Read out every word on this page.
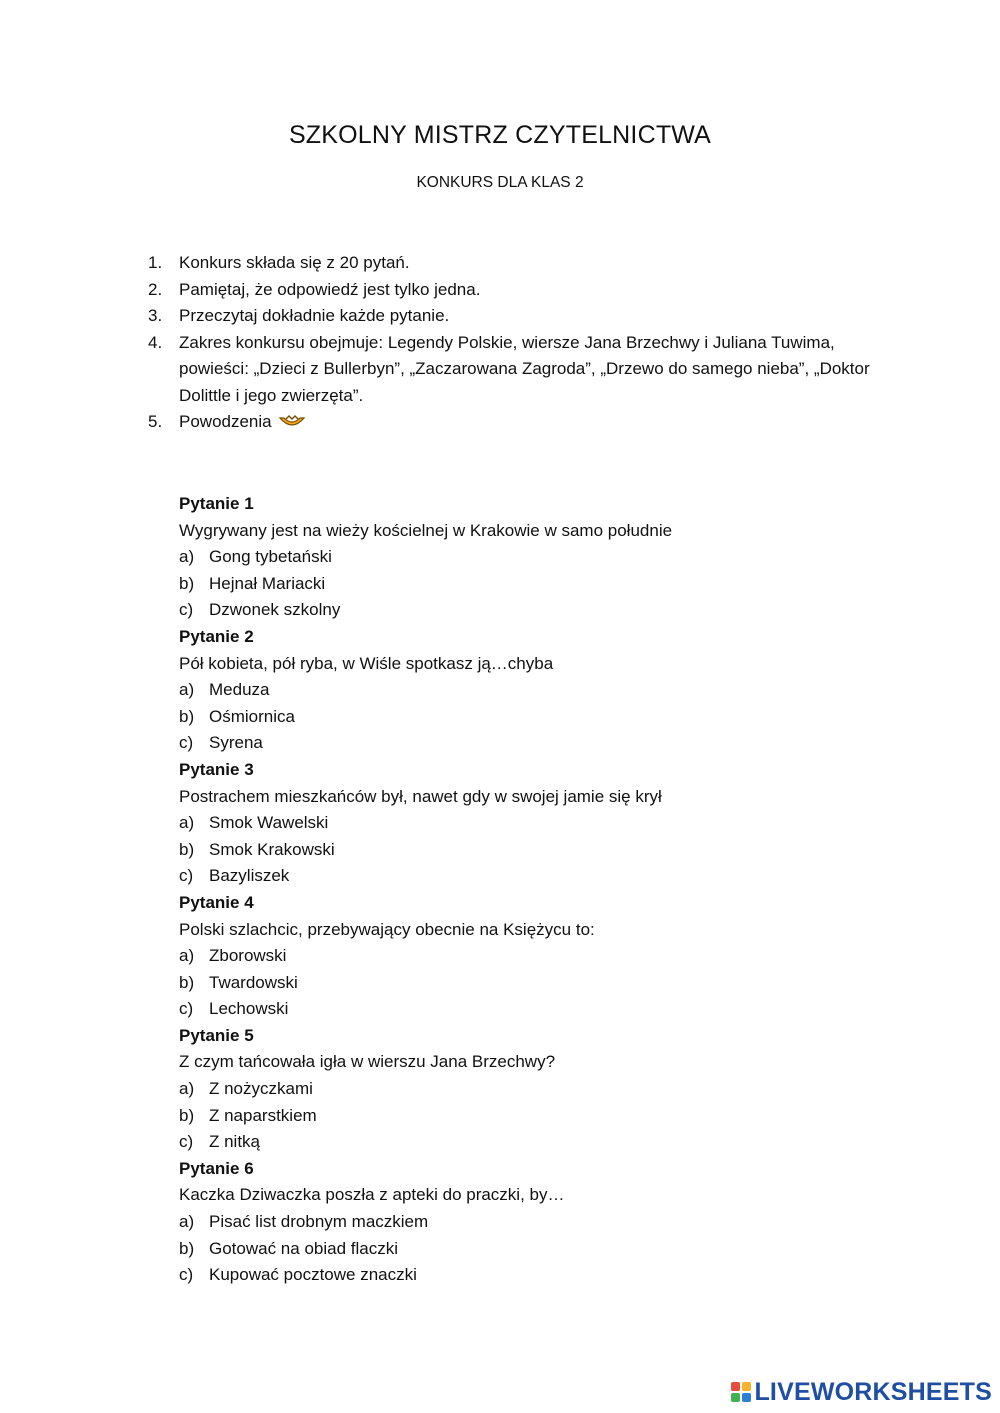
SZKOLNY MISTRZ CZYTELNICTWA
KONKURS DLA KLAS 2
1. Konkurs składa się z 20 pytań.
2. Pamiętaj, że odpowiedź jest tylko jedna.
3. Przeczytaj dokładnie każde pytanie.
4. Zakres konkursu obejmuje: Legendy Polskie, wiersze Jana Brzechwy i Juliana Tuwima, powieści: „Dzieci z Bullerbyn”, „Zaczarowana Zagroda”, „Drzewo do samego nieba”, „Doktor Dolittle i jego zwierzęta”.
5. Powodzenia
Pytanie 1
Wygrywany jest na wieży kościelnej w Krakowie w samo południe
a) Gong tybetański
b) Hejnał Mariacki
c) Dzwonek szkolny
Pytanie 2
Pół kobieta, pół ryba, w Wiśle spotkasz ją…chyba
a) Meduza
b) Ośmiornica
c) Syrena
Pytanie 3
Postrachem mieszkańców był, nawet gdy w swojej jamie się krył
a) Smok Wawelski
b) Smok Krakowski
c) Bazyliszek
Pytanie 4
Polski szlachcic, przebywający obecnie na Księżycu to:
a) Zborowski
b) Twardowski
c) Lechowski
Pytanie 5
Z czym tańcowała igła w wierszu Jana Brzechwy?
a) Z nożyczkami
b) Z naparstkiem
c) Z nitką
Pytanie 6
Kaczka Dziwaczka poszła z apteki do praczki, by…
a) Pisać list drobnym maczkiem
b) Gotować na obiad flaczki
c) Kupować pocztowe znaczki
LIVEWORKSHEETS
